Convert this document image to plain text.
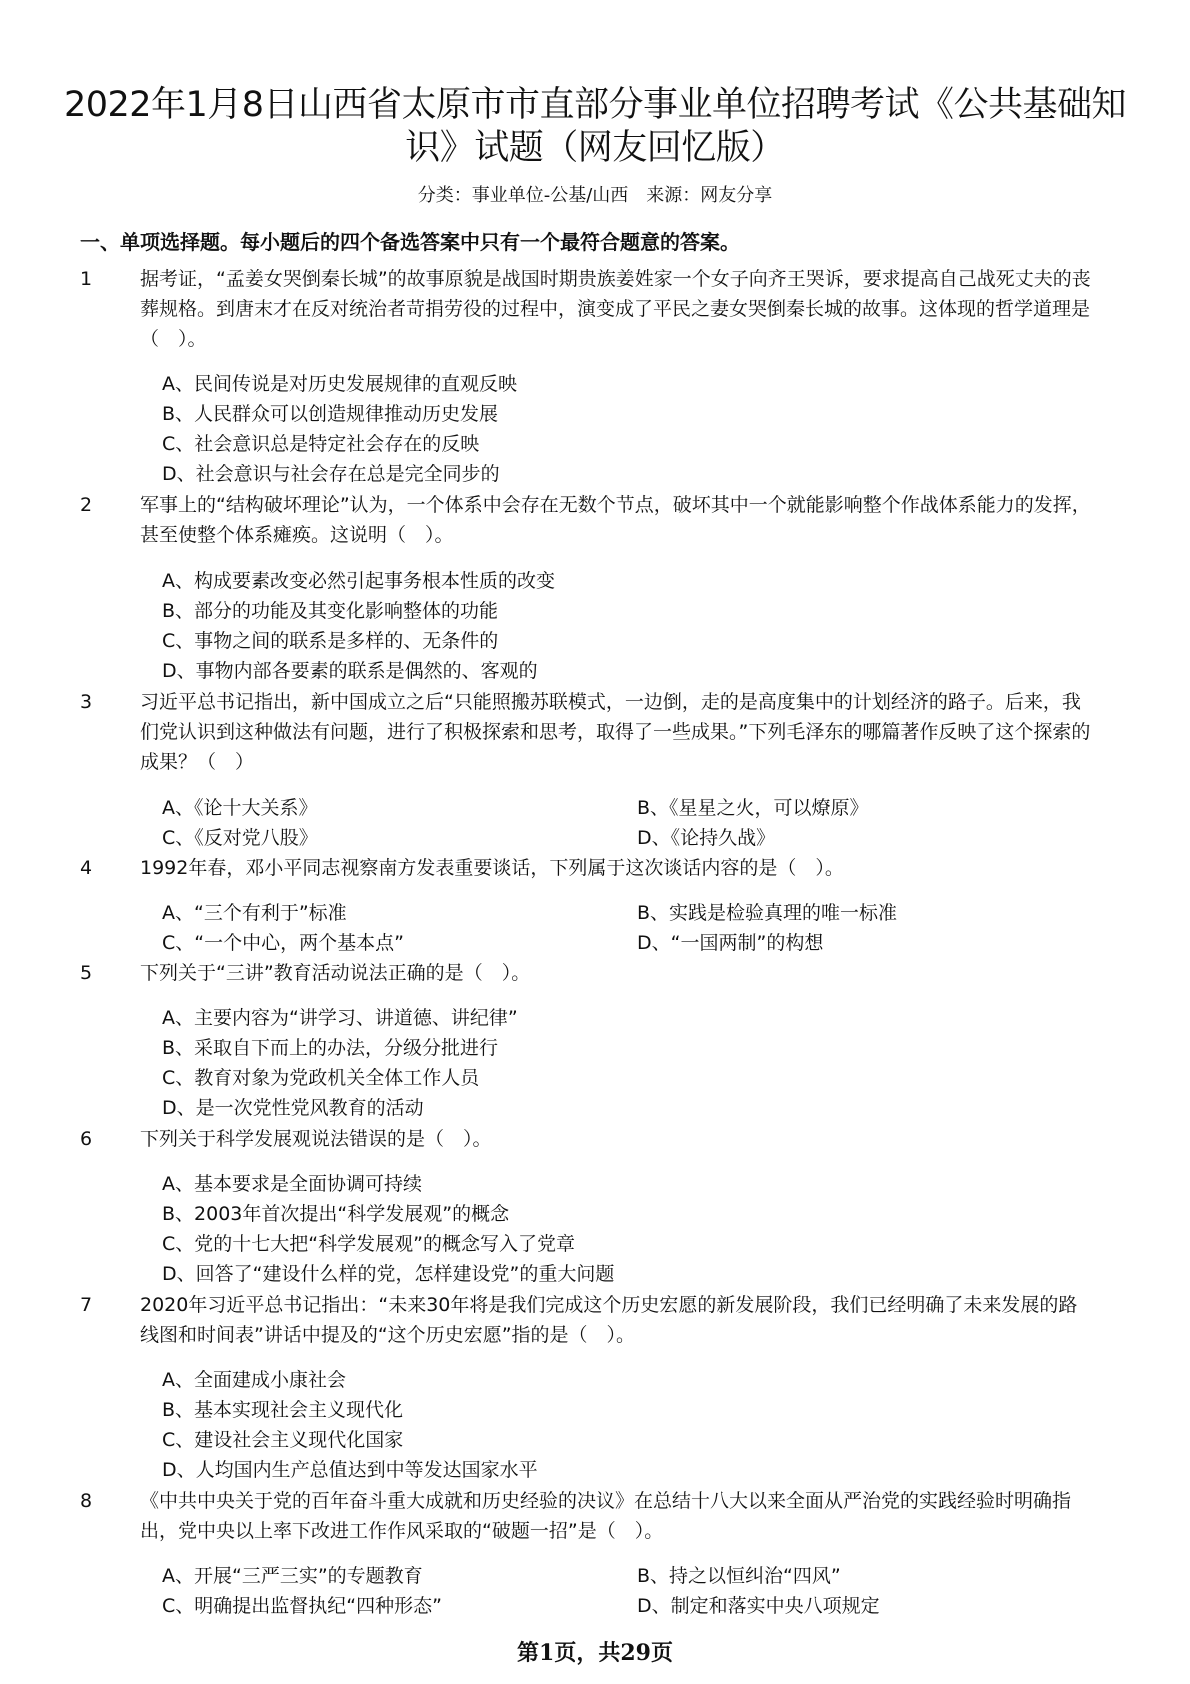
2022年1月8日山西省太原市市直部分事业单位招聘考试《公共基础知识》试题（网友回忆版）
分类：事业单位-公基/山西 来源：网友分享
一、单项选择题。每小题后的四个备选答案中只有一个最符合题意的答案。
1	据考证，“孟姜女哭倒秦长城”的故事原貌是战国时期贵族姜姓家一个女子向齐王哭诉，要求提高自己战死丈夫的丧葬规格。到唐末才在反对统治者苛捐劳役的过程中，演变成了平民之妻女哭倒秦长城的故事。这体现的哲学道理是（　）。
A、民间传说是对历史发展规律的直观反映
B、人民群众可以创造规律推动历史发展
C、社会意识总是特定社会存在的反映
D、社会意识与社会存在总是完全同步的
2	军事上的“结构破坏理论”认为，一个体系中会存在无数个节点，破坏其中一个就能影响整个作战体系能力的发挥，甚至使整个体系瘫痪。这说明（　）。
A、构成要素改变必然引起事务根本性质的改变
B、部分的功能及其变化影响整体的功能
C、事物之间的联系是多样的、无条件的
D、事物内部各要素的联系是偶然的、客观的
3	习近平总书记指出，新中国成立之后“只能照搬苏联模式，一边倒，走的是高度集中的计划经济的路子。后来，我们党认识到这种做法有问题，进行了积极探索和思考，取得了一些成果。”下列毛泽东的哪篇著作反映了这个探索的成果？（　）
A、《论十大关系》	B、《星星之火，可以燎原》
C、《反对党八股》	D、《论持久战》
4	1992年春，邓小平同志视察南方发表重要谈话，下列属于这次谈话内容的是（　）。
A、“三个有利于”标准	B、实践是检验真理的唯一标准
C、“一个中心，两个基本点”	D、“一国两制”的构想
5	下列关于“三讲”教育活动说法正确的是（　）。
A、主要内容为“讲学习、讲道德、讲纪律”
B、采取自下而上的办法，分级分批进行
C、教育对象为党政机关全体工作人员
D、是一次党性党风教育的活动
6	下列关于科学发展观说法错误的是（　）。
A、基本要求是全面协调可持续
B、2003年首次提出“科学发展观”的概念
C、党的十七大把“科学发展观”的概念写入了党章
D、回答了“建设什么样的党，怎样建设党”的重大问题
7	2020年习近平总书记指出：“未来30年将是我们完成这个历史宏愿的新发展阶段，我们已经明确了未来发展的路线图和时间表”讲话中提及的“这个历史宏愿”指的是（　）。
A、全面建成小康社会
B、基本实现社会主义现代化
C、建设社会主义现代化国家
D、人均国内生产总值达到中等发达国家水平
8	《中共中央关于党的百年奋斗重大成就和历史经验的决议》在总结十八大以来全面从严治党的实践经验时明确指出，党中央以上率下改进工作作风采取的“破题一招”是（　）。
A、开展“三严三实”的专题教育	B、持之以恒纠治“四风”
C、明确提出监督执纪“四种形态”	D、制定和落实中央八项规定
第1页，共29页
